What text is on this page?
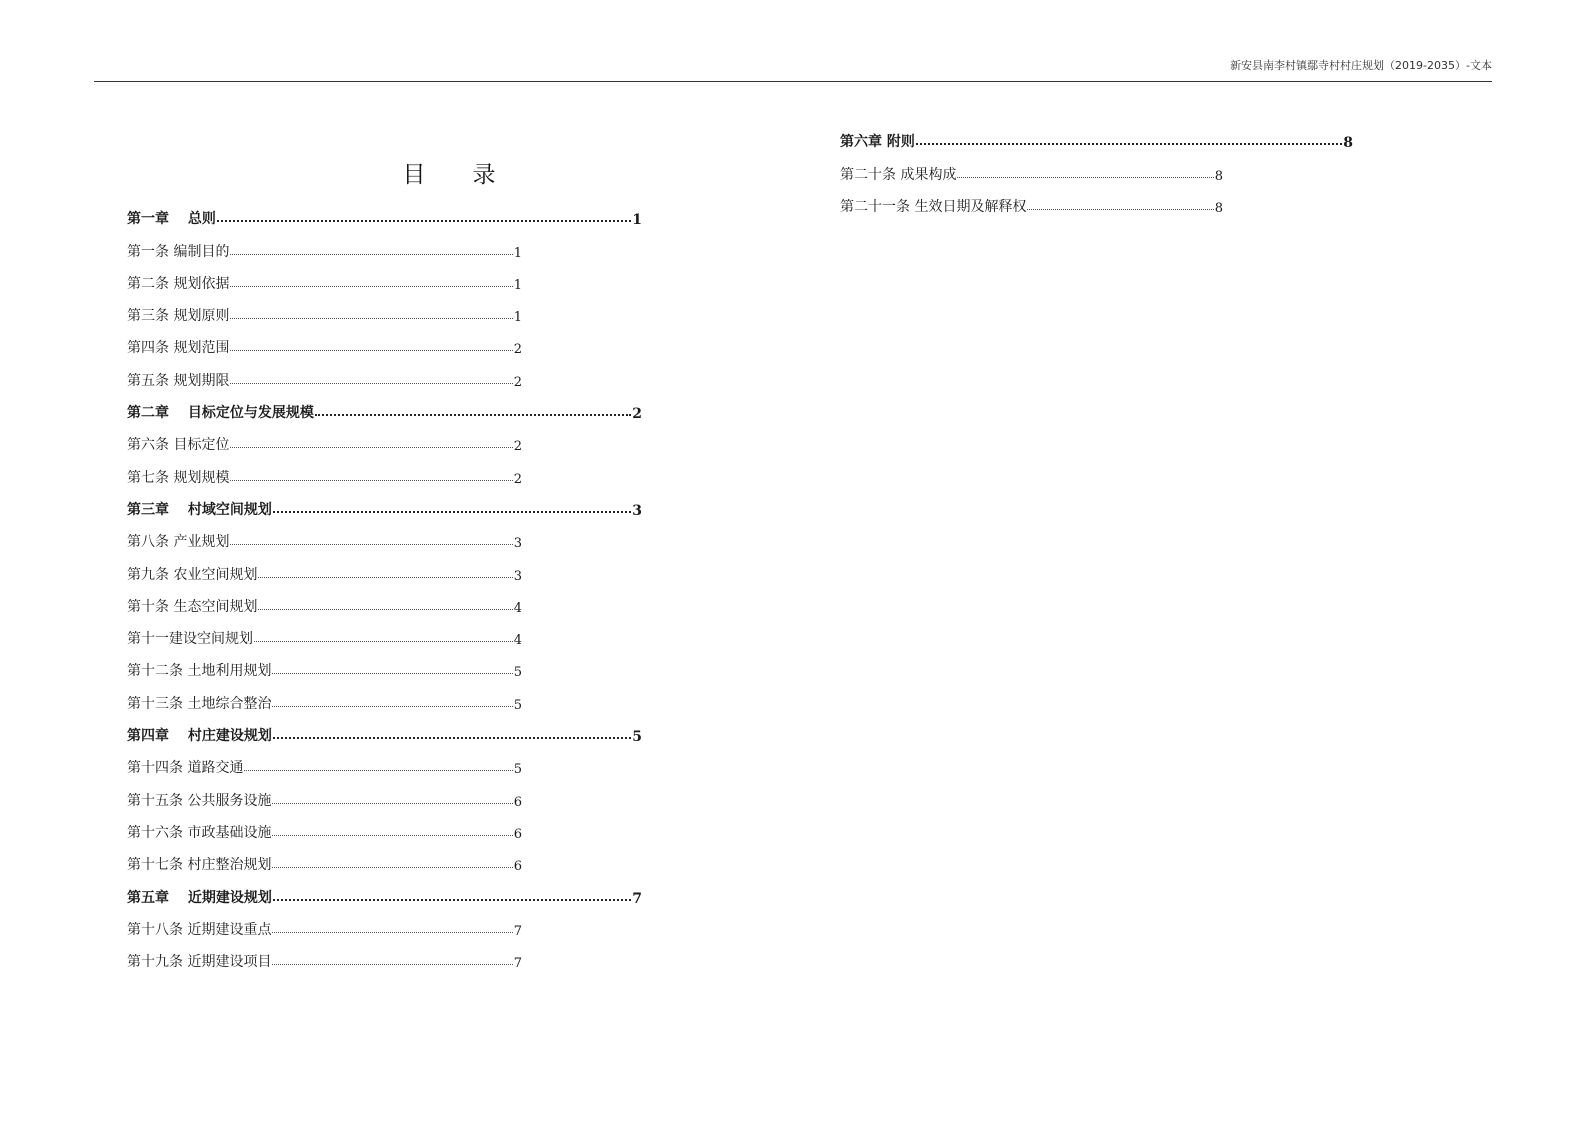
新安县南李村镇鄢寺村村庄规划（2019-2035）-文本
目　录
第一章　 总则	1
第一条 编制目的	1
第二条 规划依据	1
第三条 规划原则	1
第四条 规划范围	2
第五条 规划期限	2
第二章　 目标定位与发展规模	2
第六条 目标定位	2
第七条 规划规模	2
第三章　 村域空间规划	3
第八条 产业规划	3
第九条 农业空间规划	3
第十条 生态空间规划	4
第十一建设空间规划	4
第十二条 土地利用规划	5
第十三条 土地综合整治	5
第四章　 村庄建设规划	5
第十四条 道路交通	5
第十五条 公共服务设施	6
第十六条 市政基础设施	6
第十七条 村庄整治规划	6
第五章　 近期建设规划	7
第十八条 近期建设重点	7
第十九条 近期建设项目	7
第六章 附则	8
第二十条 成果构成	8
第二十一条 生效日期及解释权	8
